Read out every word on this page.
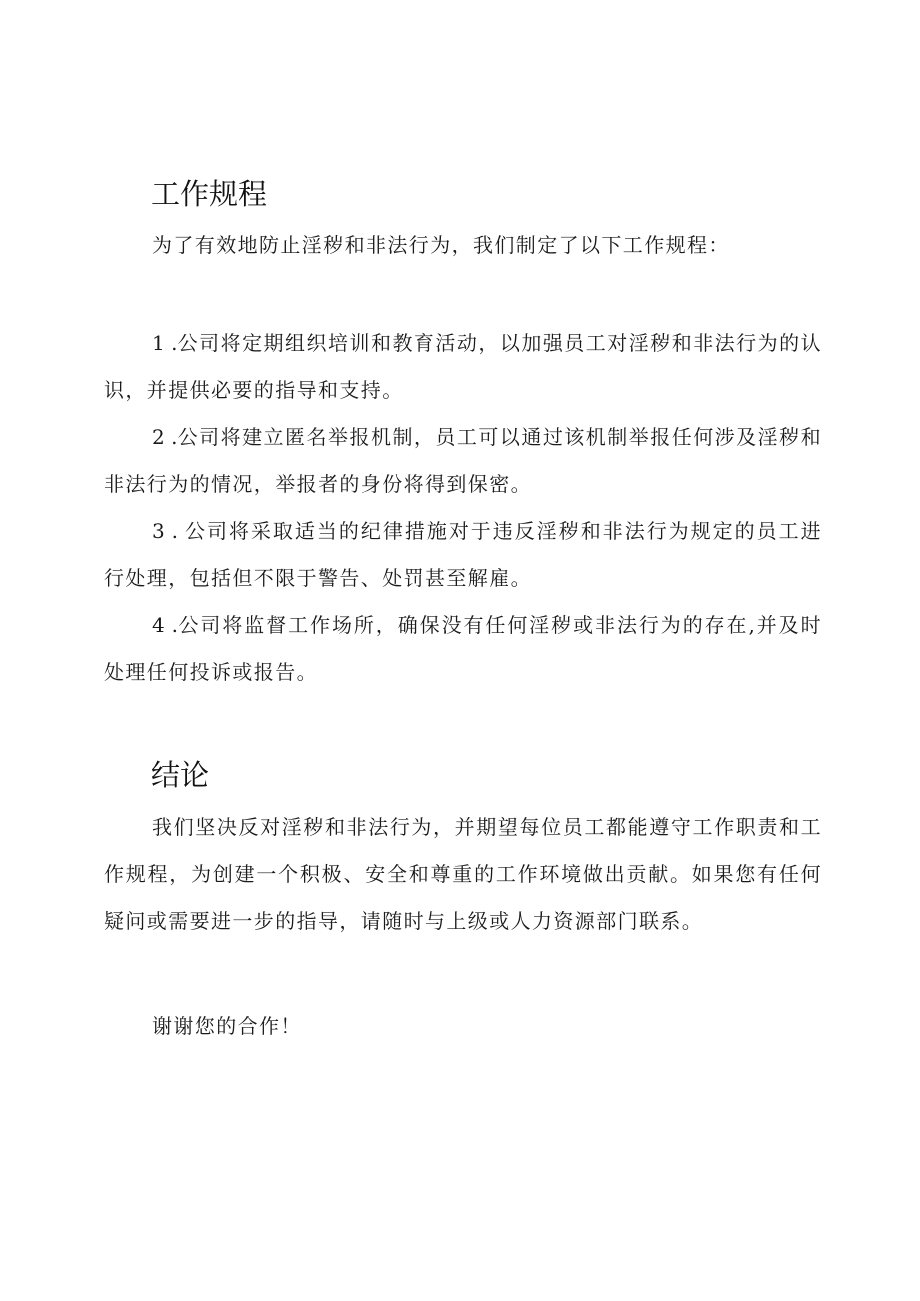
工作规程

为了有效地防止淫秽和非法行为，我们制定了以下工作规程：

1 .公司将定期组织培训和教育活动，以加强员工对淫秽和非法行为的认识，并提供必要的指导和支持。

2 .公司将建立匿名举报机制，员工可以通过该机制举报任何涉及淫秽和非法行为的情况，举报者的身份将得到保密。

3 . 公司将采取适当的纪律措施对于违反淫秽和非法行为规定的员工进行处理，包括但不限于警告、处罚甚至解雇。

4 .公司将监督工作场所，确保没有任何淫秽或非法行为的存在,并及时处理任何投诉或报告。

结论

我们坚决反对淫秽和非法行为，并期望每位员工都能遵守工作职责和工作规程，为创建一个积极、安全和尊重的工作环境做出贡献。如果您有任何疑问或需要进一步的指导，请随时与上级或人力资源部门联系。

谢谢您的合作！
